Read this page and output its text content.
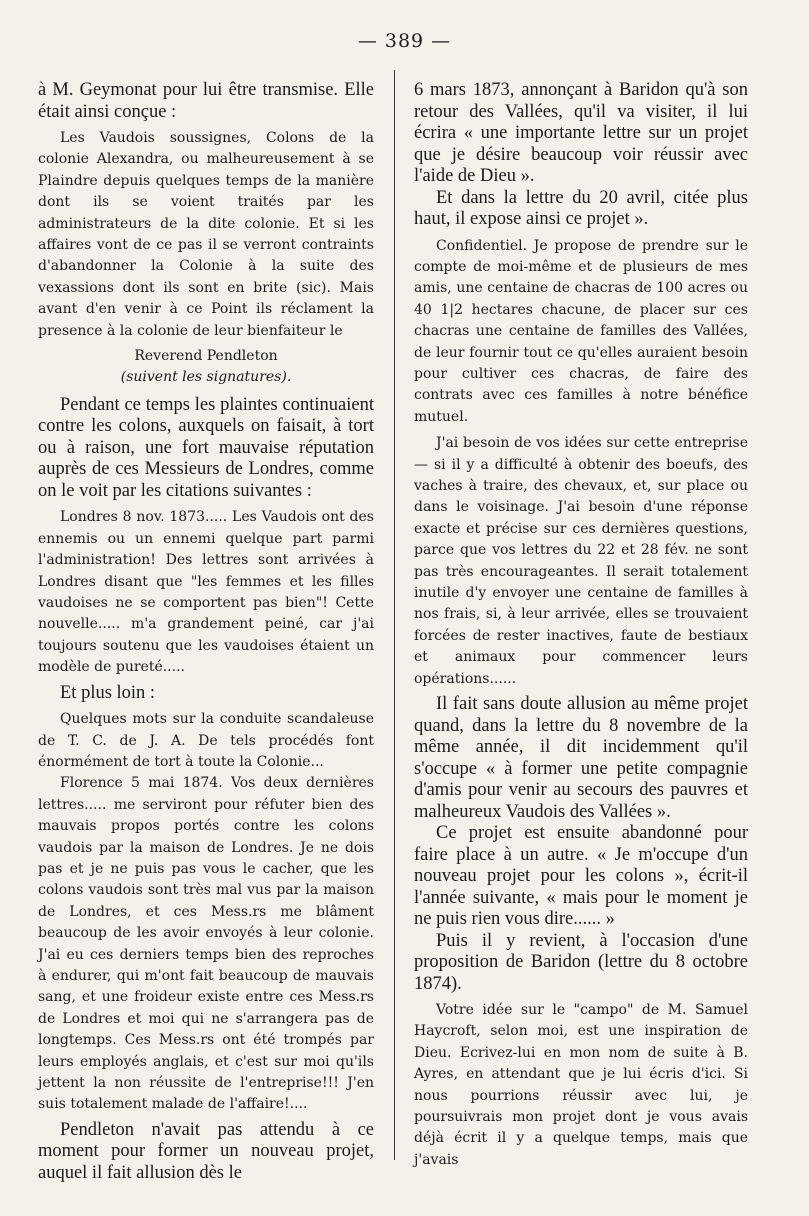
— 389 —

à M. Geymonat pour lui être transmise. Elle était ainsi conçue :

Les Vaudois soussignes, Colons de la colonie Alexandra, ou malheureusement à se Plaindre depuis quelques temps de la manière dont ils se voient traités par les administrateurs de la dite colonie. Et si les affaires vont de ce pas il se verront contraints d'abandonner la Colonie à la suite des vexassions dont ils sont en brite (sic). Mais avant d'en venir à ce Point ils réclament la presence à la colonie de leur bienfaiteur le

Reverend Pendleton

(suivent les signatures).

Pendant ce temps les plaintes continuaient contre les colons, auxquels on faisait, à tort ou à raison, une fort mauvaise réputation auprès de ces Messieurs de Londres, comme on le voit par les citations suivantes :

Londres 8 nov. 1873..... Les Vaudois ont des ennemis ou un ennemi quelque part parmi l'administration! Des lettres sont arrivées à Londres disant que "les femmes et les filles vaudoises ne se comportent pas bien"! Cette nouvelle..... m'a grandement peiné, car j'ai toujours soutenu que les vaudoises étaient un modèle de pureté.....

Et plus loin :

Quelques mots sur la conduite scandaleuse de T. C. de J. A. De tels procédés font énormément de tort à toute la Colonie...

Florence 5 mai 1874. Vos deux dernières lettres..... me serviront pour réfuter bien des mauvais propos portés contre les colons vaudois par la maison de Londres. Je ne dois pas et je ne puis pas vous le cacher, que les colons vaudois sont très mal vus par la maison de Londres, et ces Mess.rs me blâment beaucoup de les avoir envoyés à leur colonie. J'ai eu ces derniers temps bien des reproches à endurer, qui m'ont fait beaucoup de mauvais sang, et une froideur existe entre ces Mess.rs de Londres et moi qui ne s'arrangera pas de longtemps. Ces Mess.rs ont été trompés par leurs employés anglais, et c'est sur moi qu'ils jettent la non réussite de l'entreprise!!! J'en suis totalement malade de l'affaire!....

Pendleton n'avait pas attendu à ce moment pour former un nouveau projet, auquel il fait allusion dès le

6 mars 1873, annonçant à Baridon qu'à son retour des Vallées, qu'il va visiter, il lui écrira « une importante lettre sur un projet que je désire beaucoup voir réussir avec l'aide de Dieu ».

Et dans la lettre du 20 avril, citée plus haut, il expose ainsi ce projet ».

Confidentiel. Je propose de prendre sur le compte de moi-même et de plusieurs de mes amis, une centaine de chacras de 100 acres ou 40 1|2 hectares chacune, de placer sur ces chacras une centaine de familles des Vallées, de leur fournir tout ce qu'elles auraient besoin pour cultiver ces chacras, de faire des contrats avec ces familles à notre bénéfice mutuel.

J'ai besoin de vos idées sur cette entreprise — si il y a difficulté à obtenir des boeufs, des vaches à traire, des chevaux, et, sur place ou dans le voisinage. J'ai besoin d'une réponse exacte et précise sur ces dernières questions, parce que vos lettres du 22 et 28 fév. ne sont pas très encourageantes. Il serait totalement inutile d'y envoyer une centaine de familles à nos frais, si, à leur arrivée, elles se trouvaient forcées de rester inactives, faute de bestiaux et animaux pour commencer leurs opérations......

Il fait sans doute allusion au même projet quand, dans la lettre du 8 novembre de la même année, il dit incidemment qu'il s'occupe « à former une petite compagnie d'amis pour venir au secours des pauvres et malheureux Vaudois des Vallées ».

Ce projet est ensuite abandonné pour faire place à un autre. « Je m'occupe d'un nouveau projet pour les colons », écrit-il l'année suivante, « mais pour le moment je ne puis rien vous dire...... »

Puis il y revient, à l'occasion d'une proposition de Baridon (lettre du 8 octobre 1874).

Votre idée sur le "campo" de M. Samuel Haycroft, selon moi, est une inspiration de Dieu. Ecrivez-lui en mon nom de suite à B. Ayres, en attendant que je lui écris d'ici. Si nous pourrions réussir avec lui, je poursuivrais mon projet dont je vous avais déjà écrit il y a quelque temps, mais que j'avais
